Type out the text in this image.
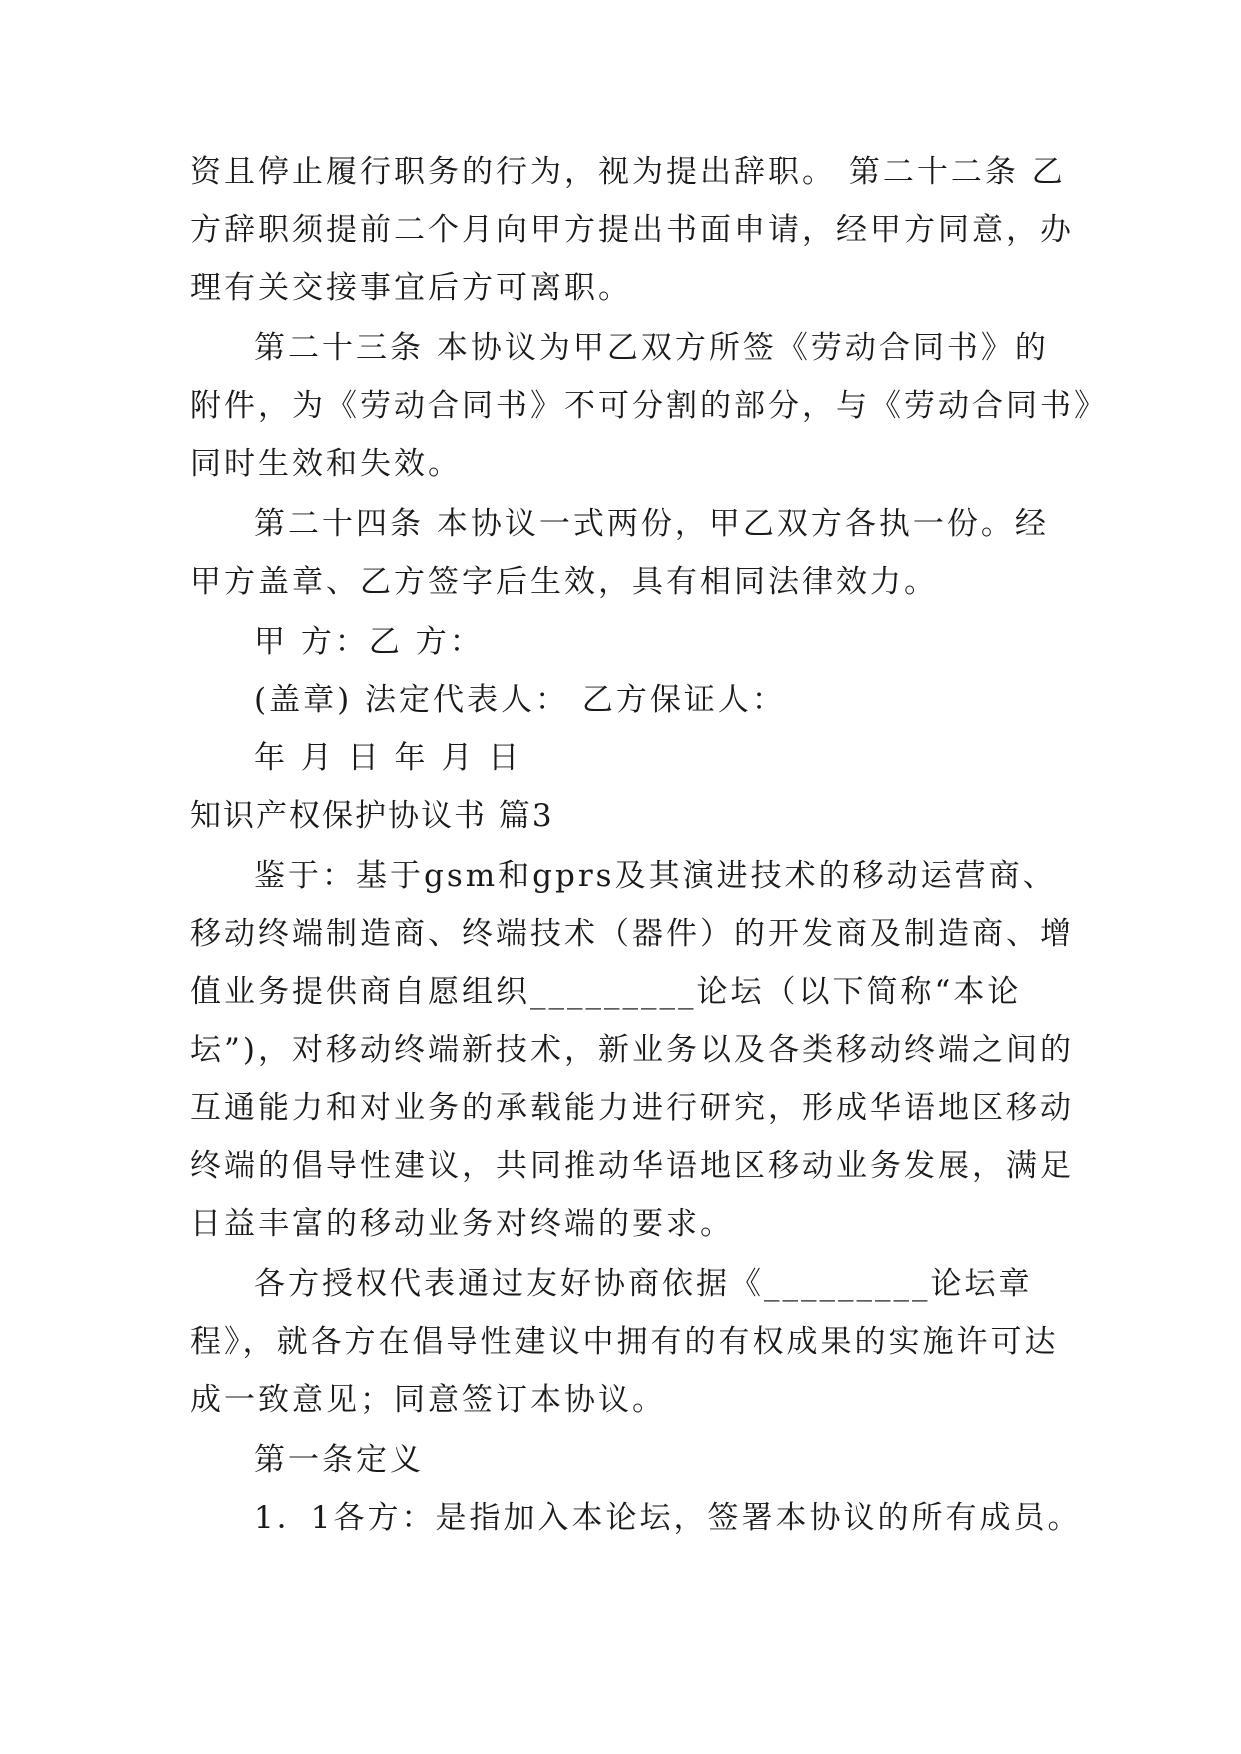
资且停止履行职务的行为，视为提出辞职。 第二十二条 乙
方辞职须提前二个月向甲方提出书面申请，经甲方同意，办
理有关交接事宜后方可离职。
第二十三条 本协议为甲乙双方所签《劳动合同书》的
附件，为《劳动合同书》不可分割的部分，与《劳动合同书》
同时生效和失效。
第二十四条 本协议一式两份，甲乙双方各执一份。经
甲方盖章、乙方签字后生效，具有相同法律效力。
甲 方：乙 方：
(盖章) 法定代表人： 乙方保证人：
年 月 日 年 月 日
知识产权保护协议书 篇3
鉴于：基于gsm和gprs及其演进技术的移动运营商、
移动终端制造商、终端技术（器件）的开发商及制造商、增
值业务提供商自愿组织_________论坛（以下简称“本论
坛”)，对移动终端新技术，新业务以及各类移动终端之间的
互通能力和对业务的承载能力进行研究，形成华语地区移动
终端的倡导性建议，共同推动华语地区移动业务发展，满足
日益丰富的移动业务对终端的要求。
各方授权代表通过友好协商依据《_________论坛章
程》，就各方在倡导性建议中拥有的有权成果的实施许可达
成一致意见；同意签订本协议。
第一条定义
1．1各方：是指加入本论坛，签署本协议的所有成员。
